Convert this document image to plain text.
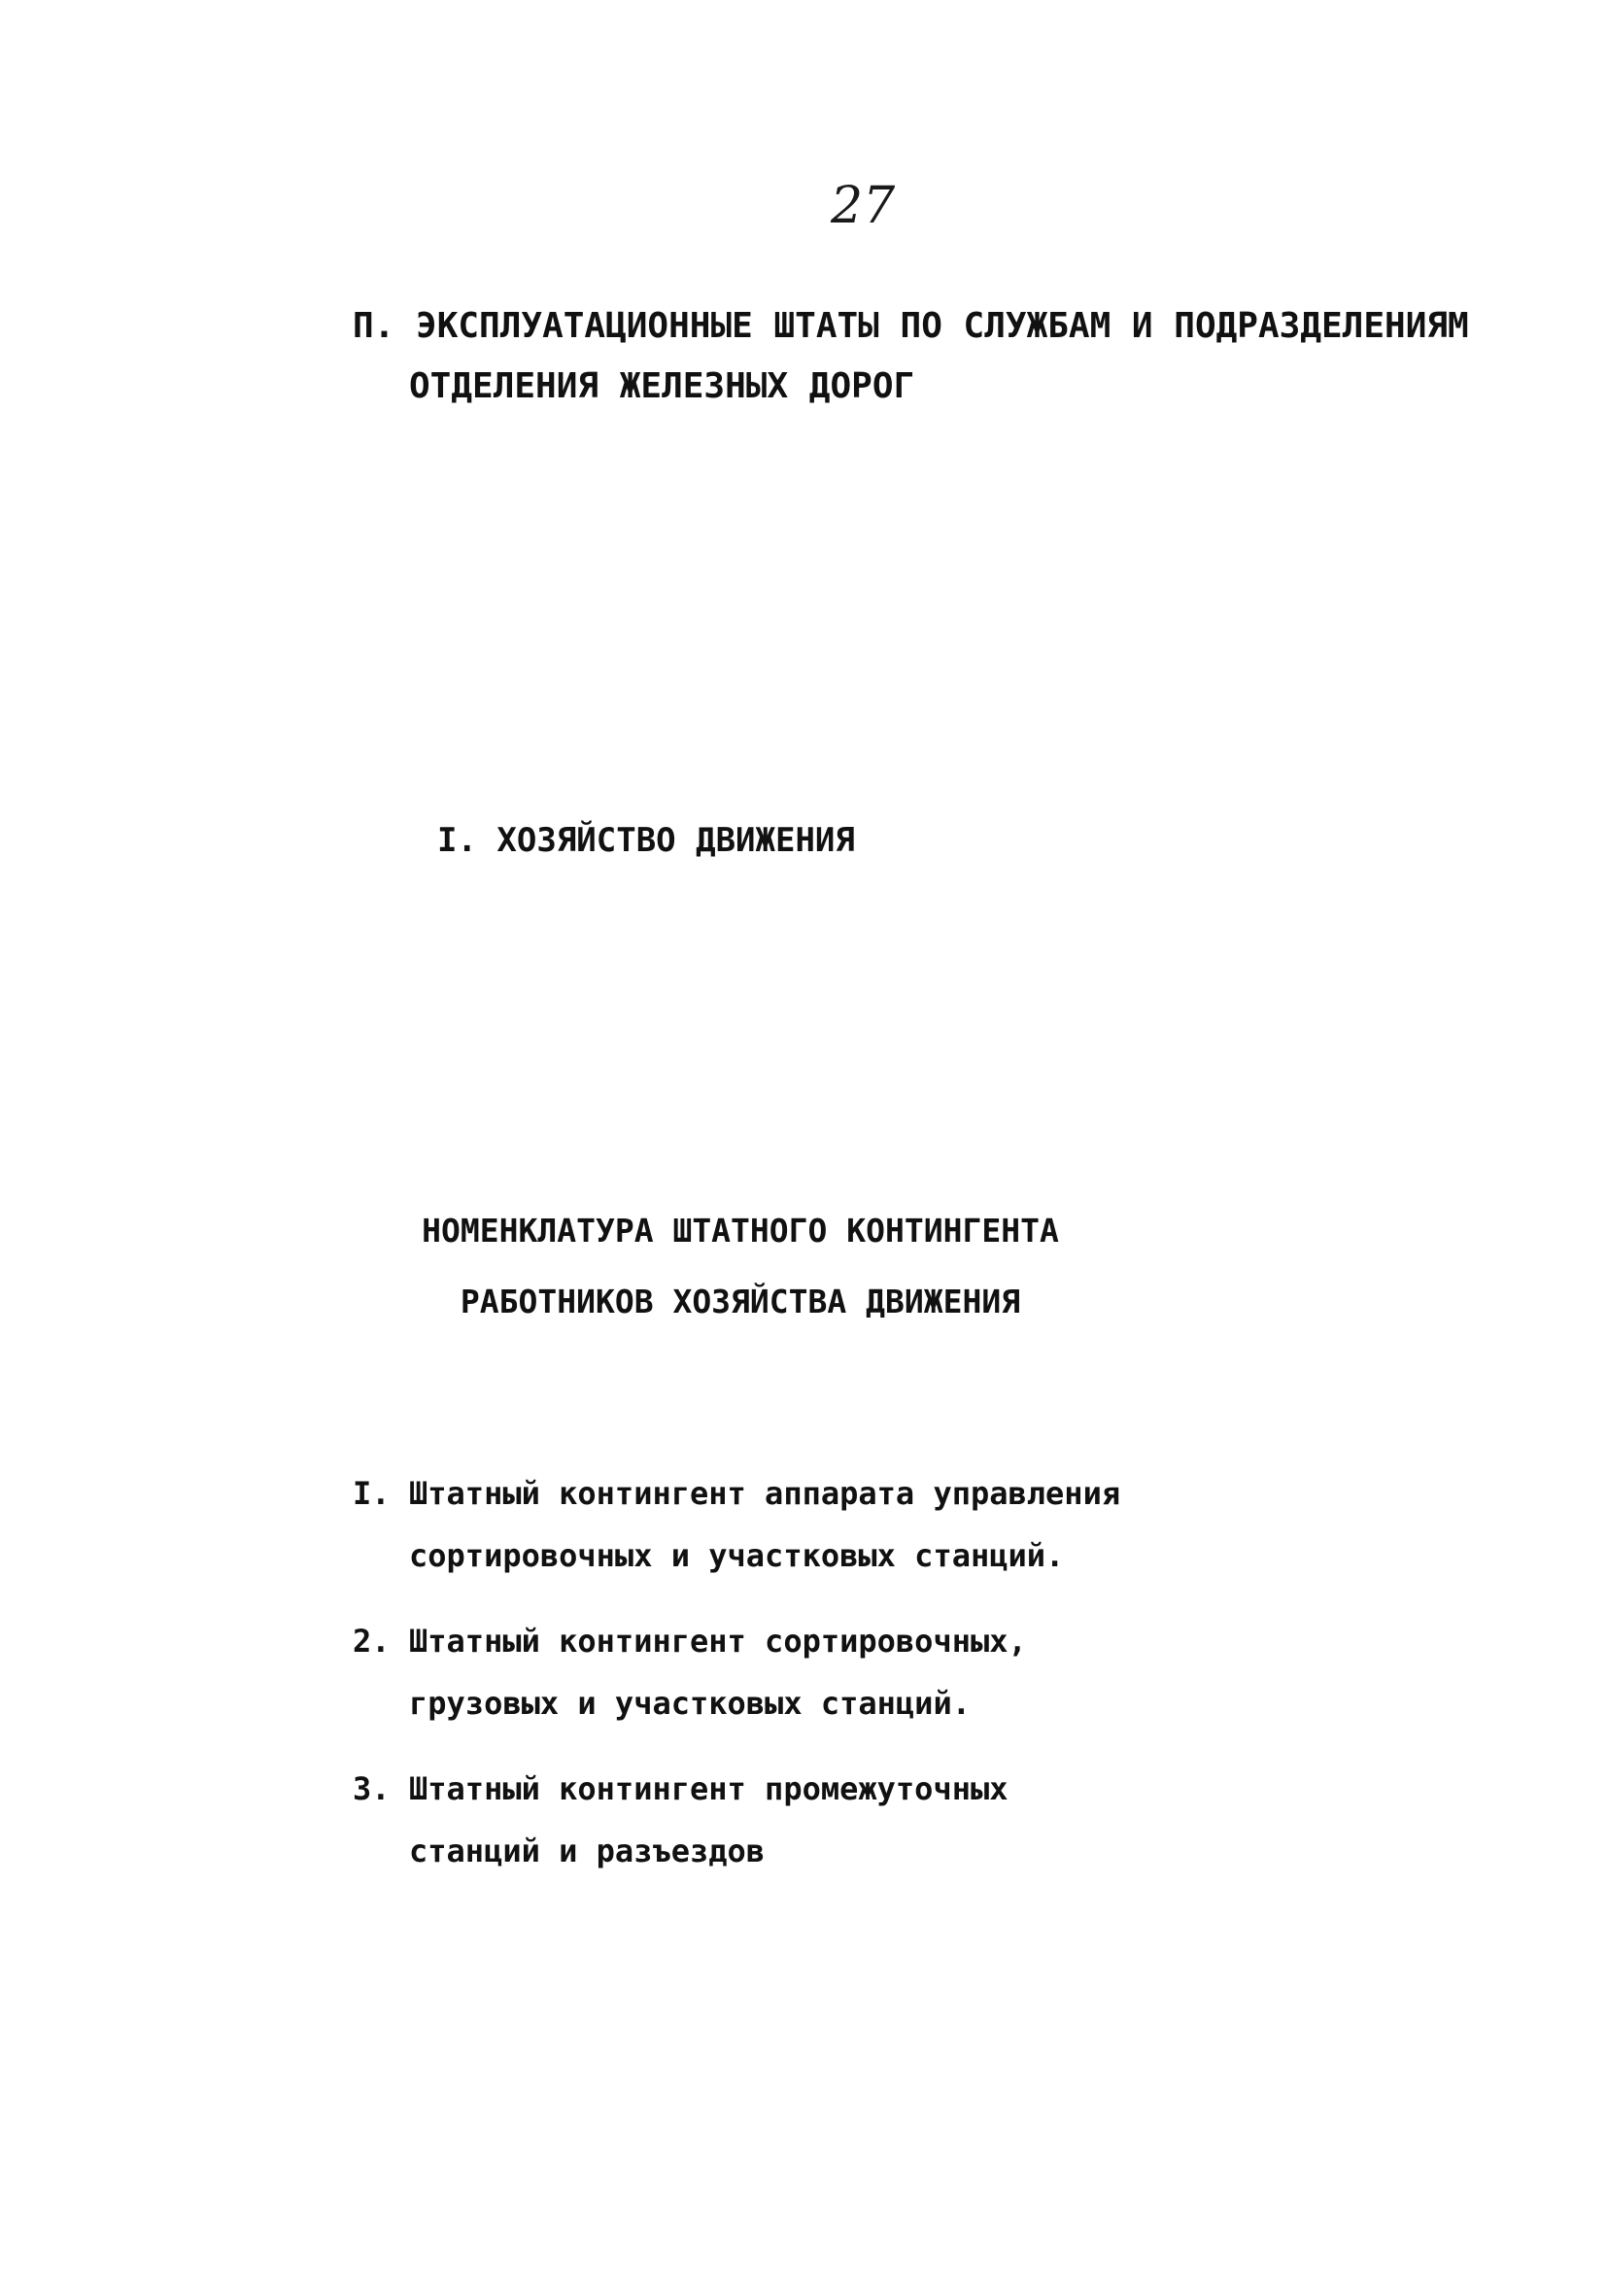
27
П. ЭКСПЛУАТАЦИОННЫЕ ШТАТЫ ПО СЛУЖБАМ И ПОДРАЗДЕЛЕНИЯМ
ОТДЕЛЕНИЯ ЖЕЛЕЗНЫХ ДОРОГ
I. ХОЗЯЙСТВО ДВИЖЕНИЯ
НОМЕНКЛАТУРА ШТАТНОГО КОНТИНГЕНТА
РАБОТНИКОВ ХОЗЯЙСТВА ДВИЖЕНИЯ
I. Штатный контингент аппарата управления
сортировочных и участковых станций.
2. Штатный контингент сортировочных,
грузовых и участковых станций.
3. Штатный контингент промежуточных
станций и разъездов
